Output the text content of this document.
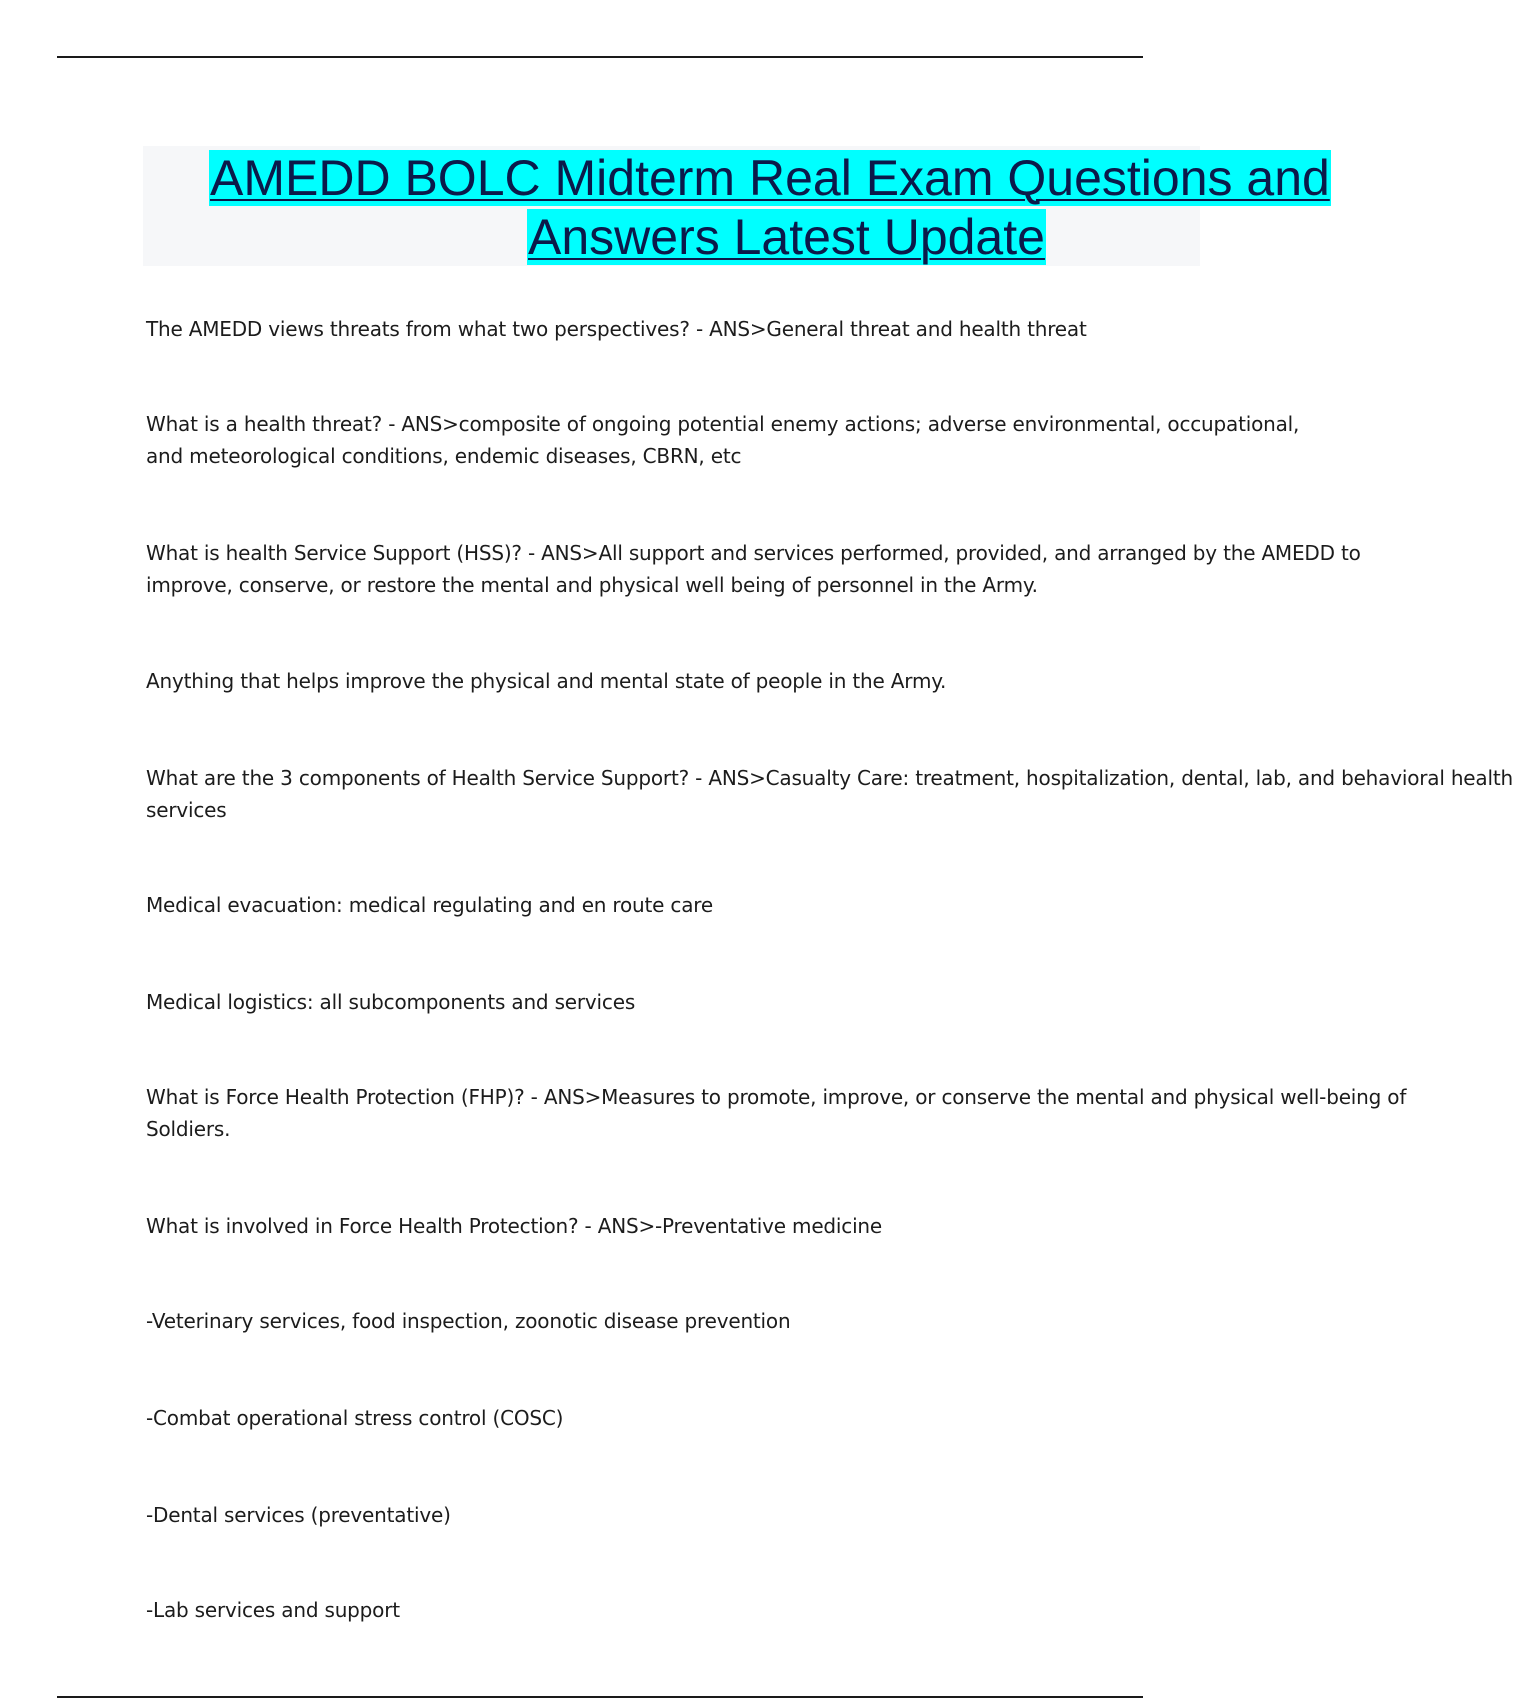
AMEDD BOLC Midterm Real Exam Questions and
Answers Latest Update
The AMEDD views threats from what two perspectives? - ANS>General threat and health threat
What is a health threat? - ANS>composite of ongoing potential enemy actions; adverse environmental, occupational,
and meteorological conditions, endemic diseases, CBRN, etc
What is health Service Support (HSS)? - ANS>All support and services performed, provided, and arranged by the AMEDD to
improve, conserve, or restore the mental and physical well being of personnel in the Army.
Anything that helps improve the physical and mental state of people in the Army.
What are the 3 components of Health Service Support? - ANS>Casualty Care: treatment, hospitalization, dental, lab, and behavioral health
services
Medical evacuation: medical regulating and en route care
Medical logistics: all subcomponents and services
What is Force Health Protection (FHP)? - ANS>Measures to promote, improve, or conserve the mental and physical well-being of
Soldiers.
What is involved in Force Health Protection? - ANS>-Preventative medicine
-Veterinary services, food inspection, zoonotic disease prevention
-Combat operational stress control (COSC)
-Dental services (preventative)
-Lab services and support
